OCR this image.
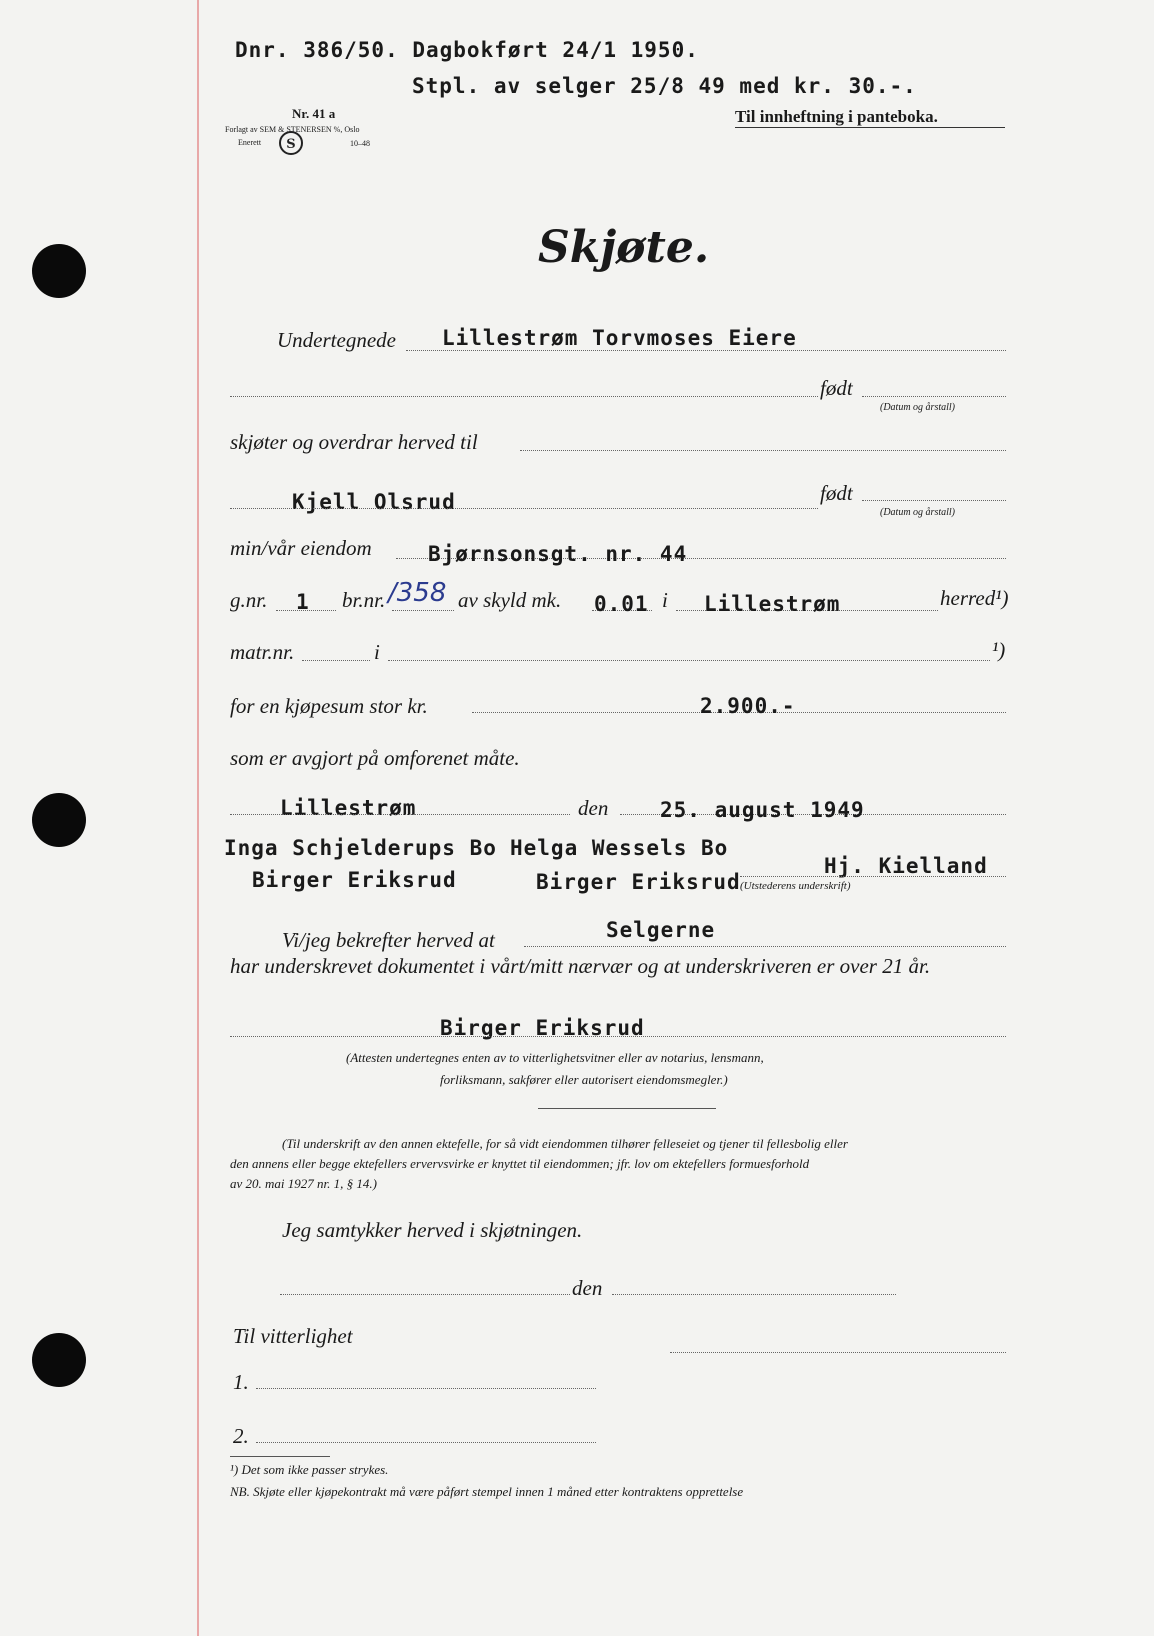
Dnr. 386/50. Dagbokført 24/1 1950.
Stpl. av selger 25/8 49 med kr. 30.-.
Nr. 41 a
Forlagt av SEM & STENERSEN %, Oslo
Enerett S	10–48
Til innheftning i panteboka.
Skjøte.
Undertegnede Lillestrøm Torvmoses Eiere
født
(Datum og årstall)
skjøter og overdrar herved til
Kjell Olsrud	født
(Datum og årstall)
min/vår eiendom	Bjørnsonsgt. nr. 44
g.nr. 1 br.nr. /358 av skyld mk. 0.01 i Lillestrøm	herred¹)
matr.nr.	i	¹)
for en kjøpesum stor kr.	2.900.-
som er avgjort på omforenet måte.
Lillestrøm	den 25. august 1949
Inga Schjelderups Bo Helga Wessels Bo
Birger Eriksrud	Birger Eriksrud
Hj. Kielland
(Utstederens underskrift)
Vi/jeg bekrefter herved at	Selgerne
har underskrevet dokumentet i vårt/mitt nærvær og at underskriveren er over 21 år.
Birger Eriksrud
(Attesten undertegnes enten av to vitterlighetsvitner eller av notarius, lensmann,
forliksmann, sakfører eller autorisert eiendomsmegler.)
(Til underskrift av den annen ektefelle, for så vidt eiendommen tilhører felleseiet og tjener til fellesbolig eller
den annens eller begge ektefellers ervervsvirke er knyttet til eiendommen; jfr. lov om ektefellers formuesforhold
av 20. mai 1927 nr. 1, § 14.)
Jeg samtykker herved i skjøtningen.
den
Til vitterlighet
1.
2.
¹) Det som ikke passer strykes.
NB. Skjøte eller kjøpekontrakt må være påført stempel innen 1 måned etter kontraktens opprettelse
